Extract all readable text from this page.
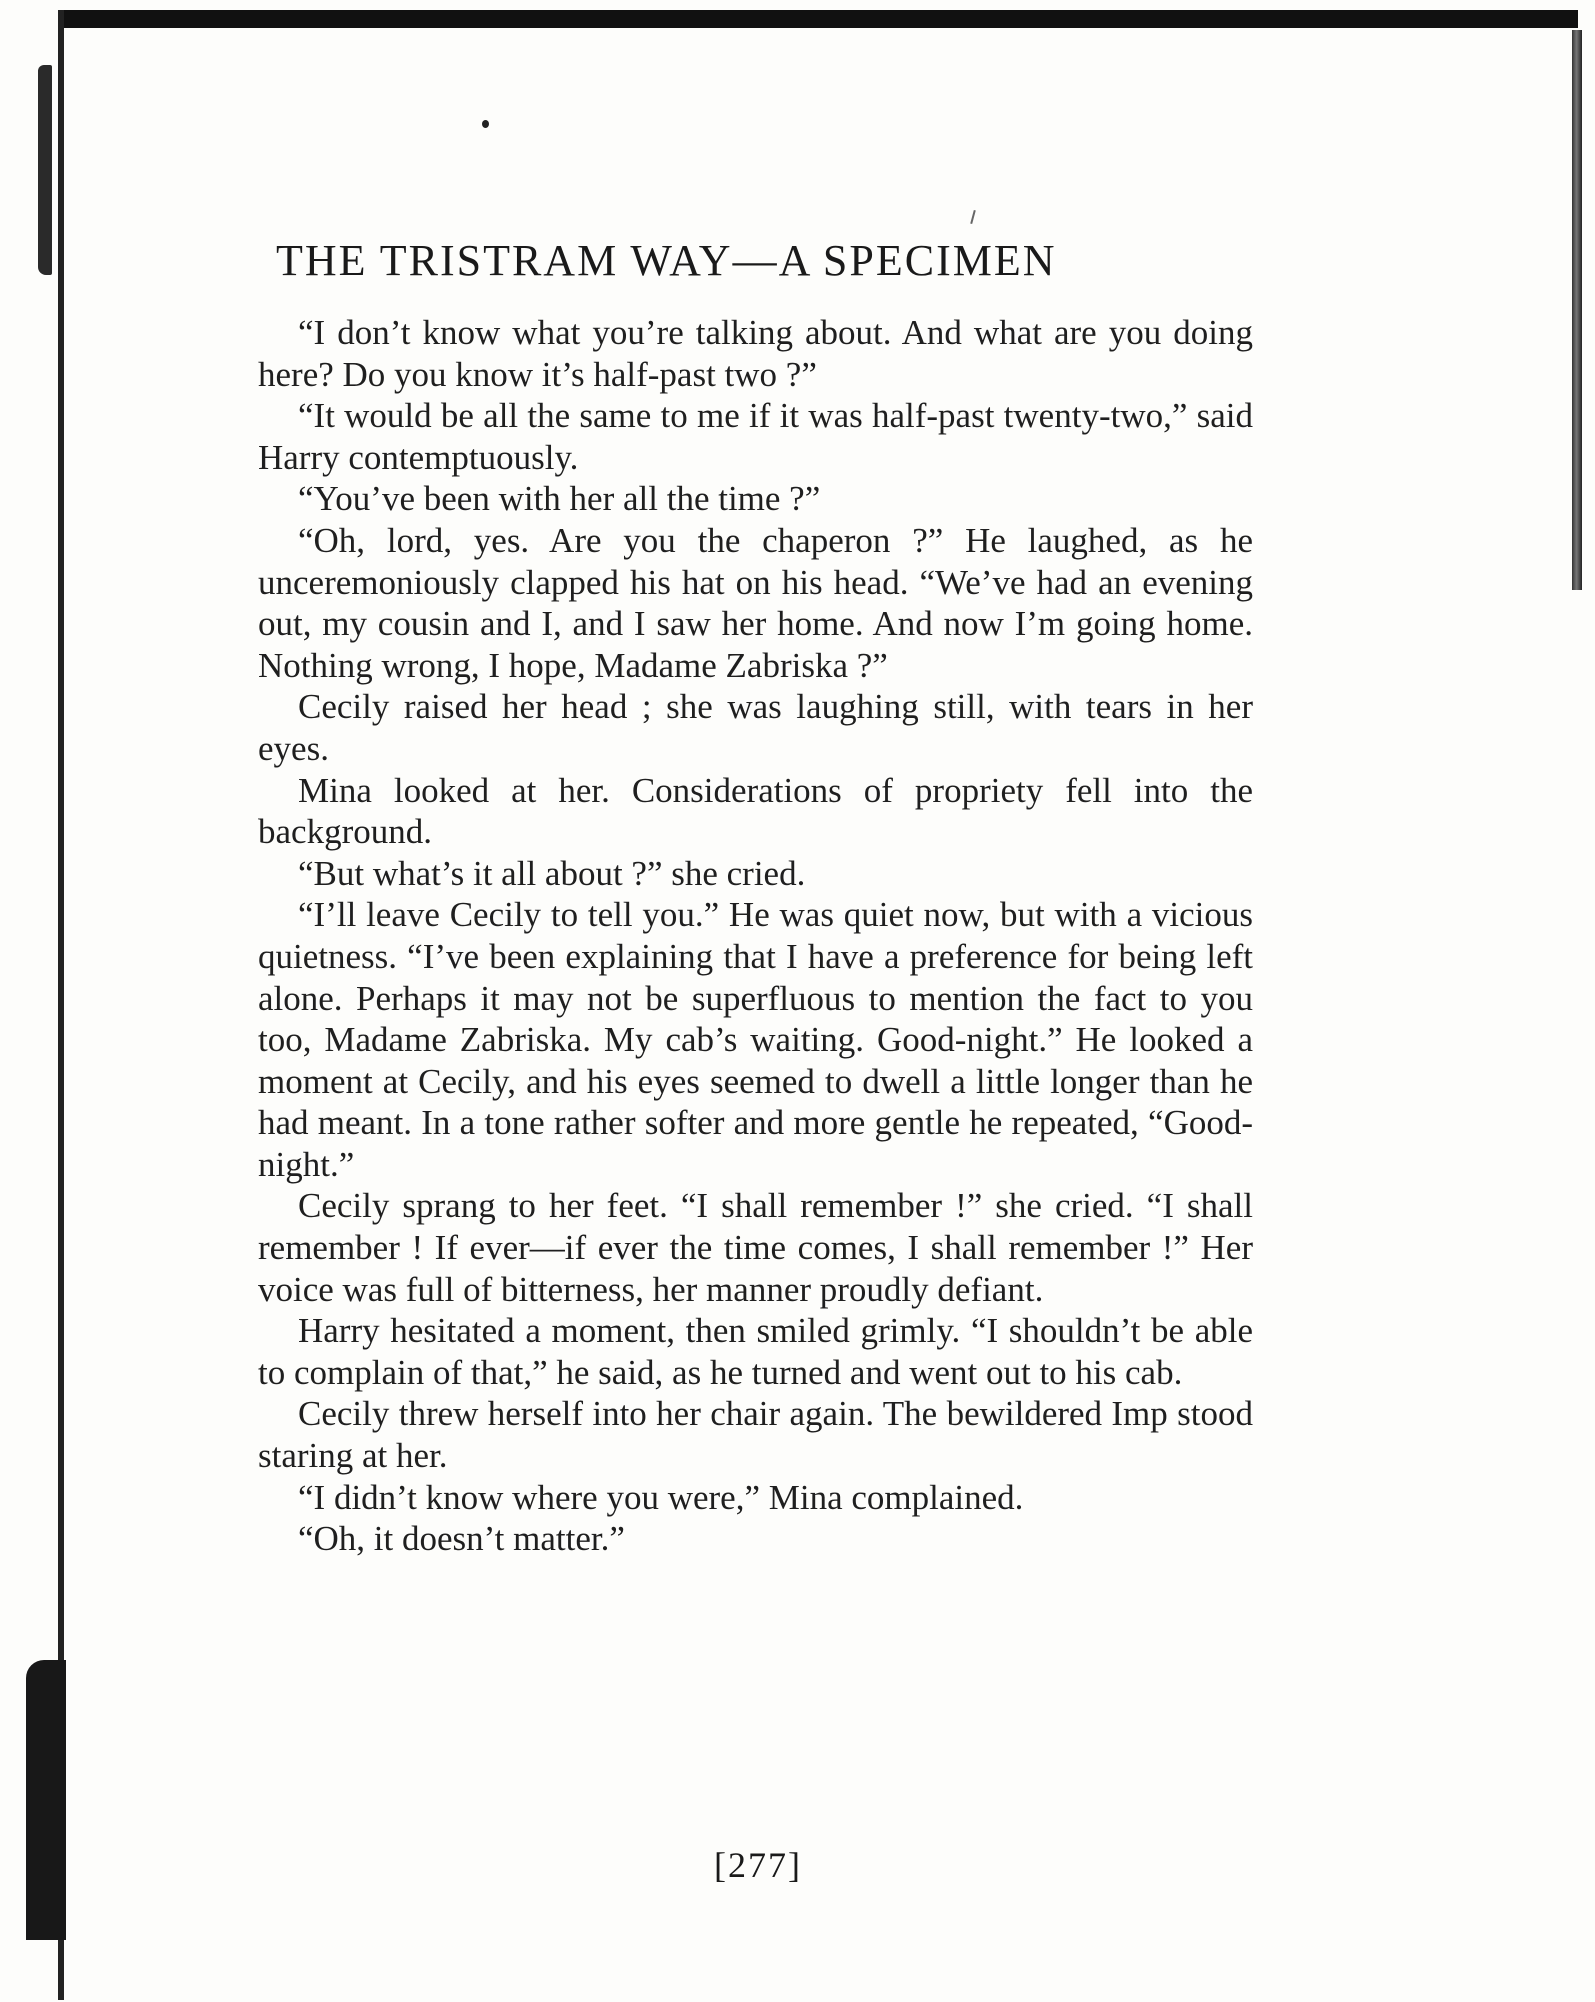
THE TRISTRAM WAY—A SPECIMEN

“I don’t know what you’re talking about. And what are you doing here? Do you know it’s half-past two ?”

“It would be all the same to me if it was half-past twenty-two,” said Harry contemptuously.

“You’ve been with her all the time ?”

“Oh, lord, yes. Are you the chaperon ?” He laughed, as he unceremoniously clapped his hat on his head. “We’ve had an evening out, my cousin and I, and I saw her home. And now I’m going home. Nothing wrong, I hope, Madame Zabriska ?”

Cecily raised her head ; she was laughing still, with tears in her eyes.

Mina looked at her. Considerations of propriety fell into the background.

“But what’s it all about ?” she cried.

“I’ll leave Cecily to tell you.” He was quiet now, but with a vicious quietness. “I’ve been explaining that I have a preference for being left alone. Perhaps it may not be superfluous to mention the fact to you too, Madame Zabriska. My cab’s waiting. Good-night.” He looked a moment at Cecily, and his eyes seemed to dwell a little longer than he had meant. In a tone rather softer and more gentle he repeated, “Good-night.”

Cecily sprang to her feet. “I shall remember !” she cried. “I shall remember ! If ever—if ever the time comes, I shall remember !” Her voice was full of bitterness, her manner proudly defiant.

Harry hesitated a moment, then smiled grimly. “I shouldn’t be able to complain of that,” he said, as he turned and went out to his cab.

Cecily threw herself into her chair again. The bewildered Imp stood staring at her.

“I didn’t know where you were,” Mina complained.

“Oh, it doesn’t matter.”

[277]
